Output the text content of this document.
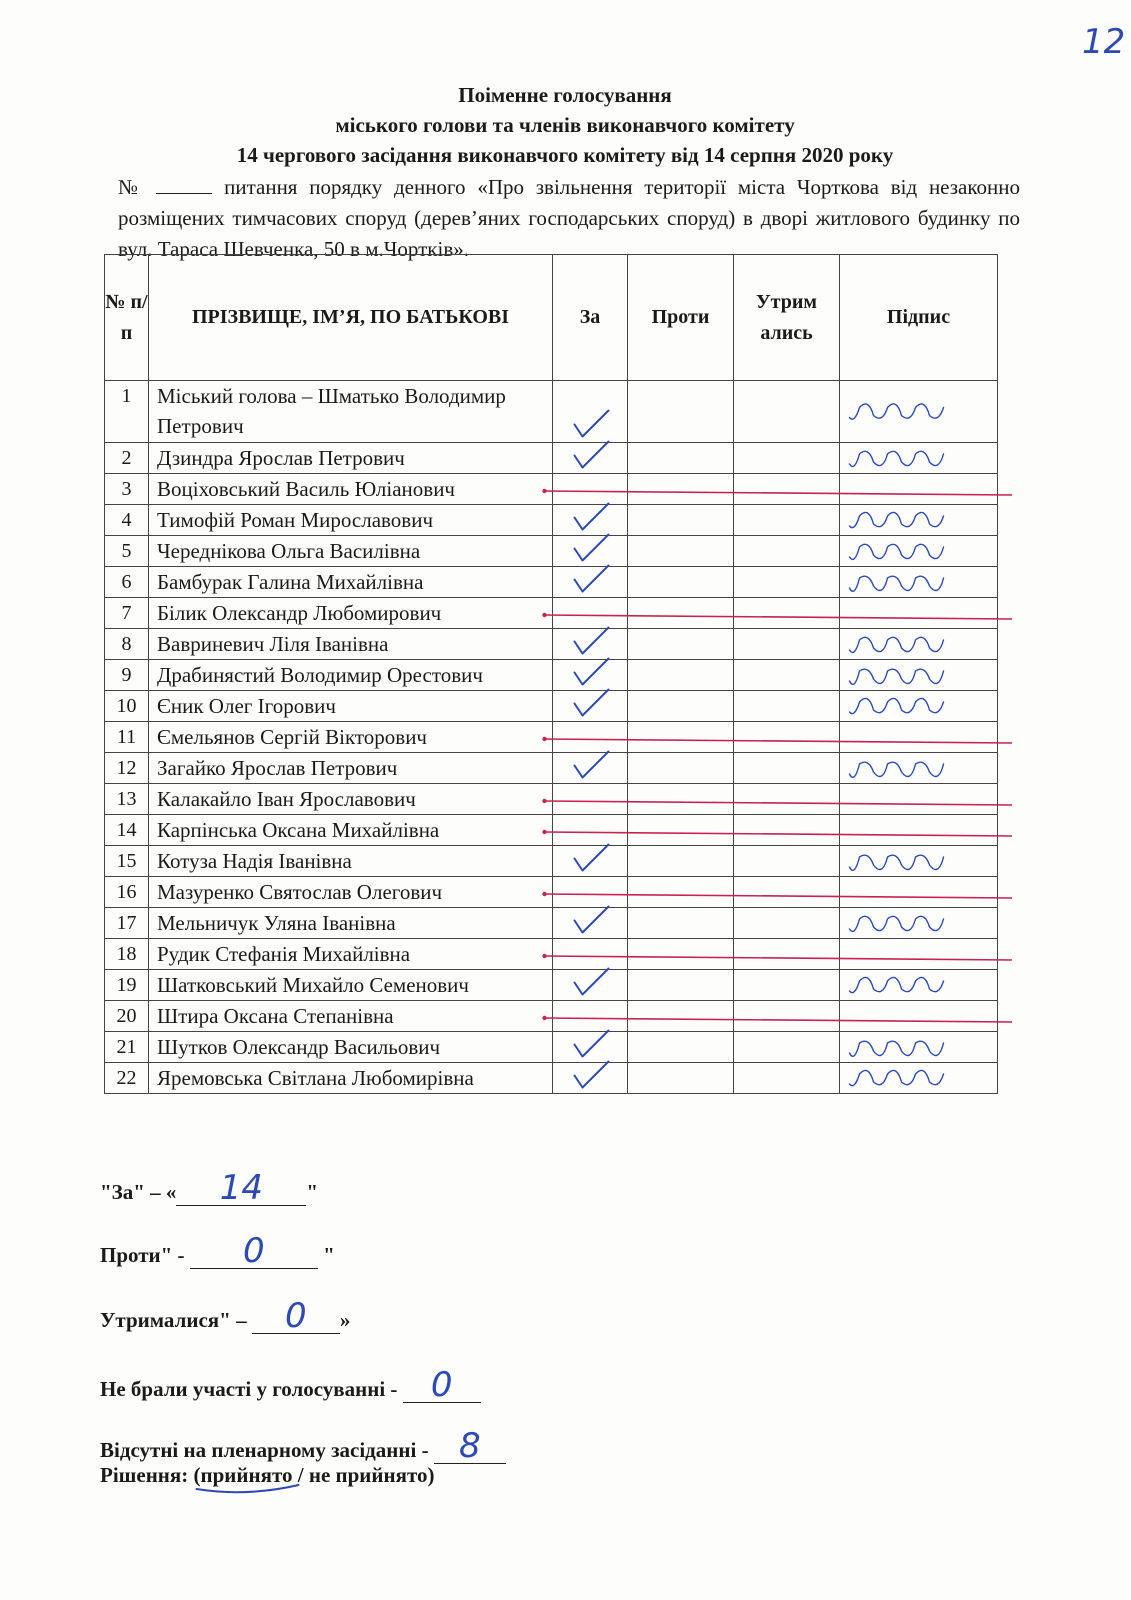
12
Поіменне голосування
міського голови та членів виконавчого комітету
14 чергового засідання виконавчого комітету від 14 серпня 2020 року
№	питання порядку денного «Про звільнення території міста Чорткова від незаконно розміщених тимчасових споруд (дерев’яних господарських споруд) в дворі житлового будинку по вул. Тараса Шевченка, 50 в м.Чортків».
№ п/п	ПРІЗВИЩЕ, ІМ’Я, ПО БАТЬКОВІ	За	Проти	Утрим ались	Підпис
1	Міський голова – Шматько Володимир Петрович				
2	Дзиндра Ярослав Петрович				
3	Воціховський Василь Юліанович				
4	Тимофій Роман Мирославович				
5	Череднікова Ольга Василівна				
6	Бамбурак Галина Михайлівна				
7	Білик Олександр Любомирович				
8	Вавриневич Ліля Іванівна				
9	Драбинястий Володимир Орестович				
10	Єник Олег Ігорович				
11	Ємельянов Сергій Вікторович				
12	Загайко Ярослав Петрович				
13	Калакайло Іван Ярославович				
14	Карпінська Оксана Михайлівна				
15	Котуза Надія Іванівна				
16	Мазуренко Святослав Олегович				
17	Мельничук Уляна Іванівна				
18	Рудик Стефанія Михайлівна				
19	Шатковський Михайло Семенович				
20	Штира Оксана Степанівна				
21	Шутков Олександр Васильович				
22	Яремовська Світлана Любомирівна				
"За" – « 14 "
Проти" - 0	"
Утрималися" – 0 »
Не брали участі у голосуванні - 0
Відсутні на пленарному засіданні - 8
Рішення: (прийнято / не прийнято)
